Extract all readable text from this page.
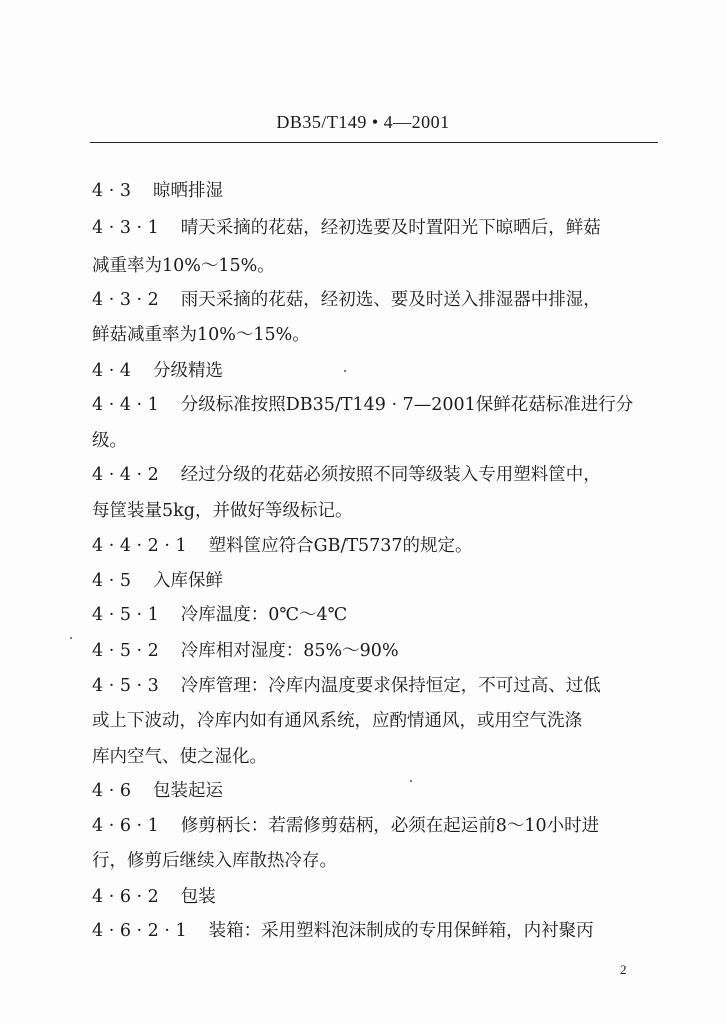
DB35/T149 • 4—2001
4 · 3 晾晒排湿
4 · 3 · 1 晴天采摘的花菇，经初选要及时置阳光下晾晒后，鲜菇
减重率为10%～15%。
4 · 3 · 2 雨天采摘的花菇，经初选、要及时送入排湿器中排湿，
鲜菇减重率为10%～15%。
4 · 4 分级精选
4 · 4 · 1 分级标准按照DB35/T149 · 7—2001保鲜花菇标准进行分
级。
4 · 4 · 2 经过分级的花菇必须按照不同等级装入专用塑料筐中，
每筐装量5kg，并做好等级标记。
4 · 4 · 2 · 1 塑料筐应符合GB/T5737的规定。
4 · 5 入库保鲜
4 · 5 · 1 冷库温度：0℃～4℃
4 · 5 · 2 冷库相对湿度：85%～90%
4 · 5 · 3 冷库管理：冷库内温度要求保持恒定，不可过高、过低
或上下波动，冷库内如有通风系统，应酌情通风，或用空气洗涤
库内空气、使之湿化。
4 · 6 包装起运
4 · 6 · 1 修剪柄长：若需修剪菇柄，必须在起运前8～10小时进
行，修剪后继续入库散热冷存。
4 · 6 · 2 包装
4 · 6 · 2 · 1 装箱：采用塑料泡沫制成的专用保鲜箱，内衬聚丙
2
